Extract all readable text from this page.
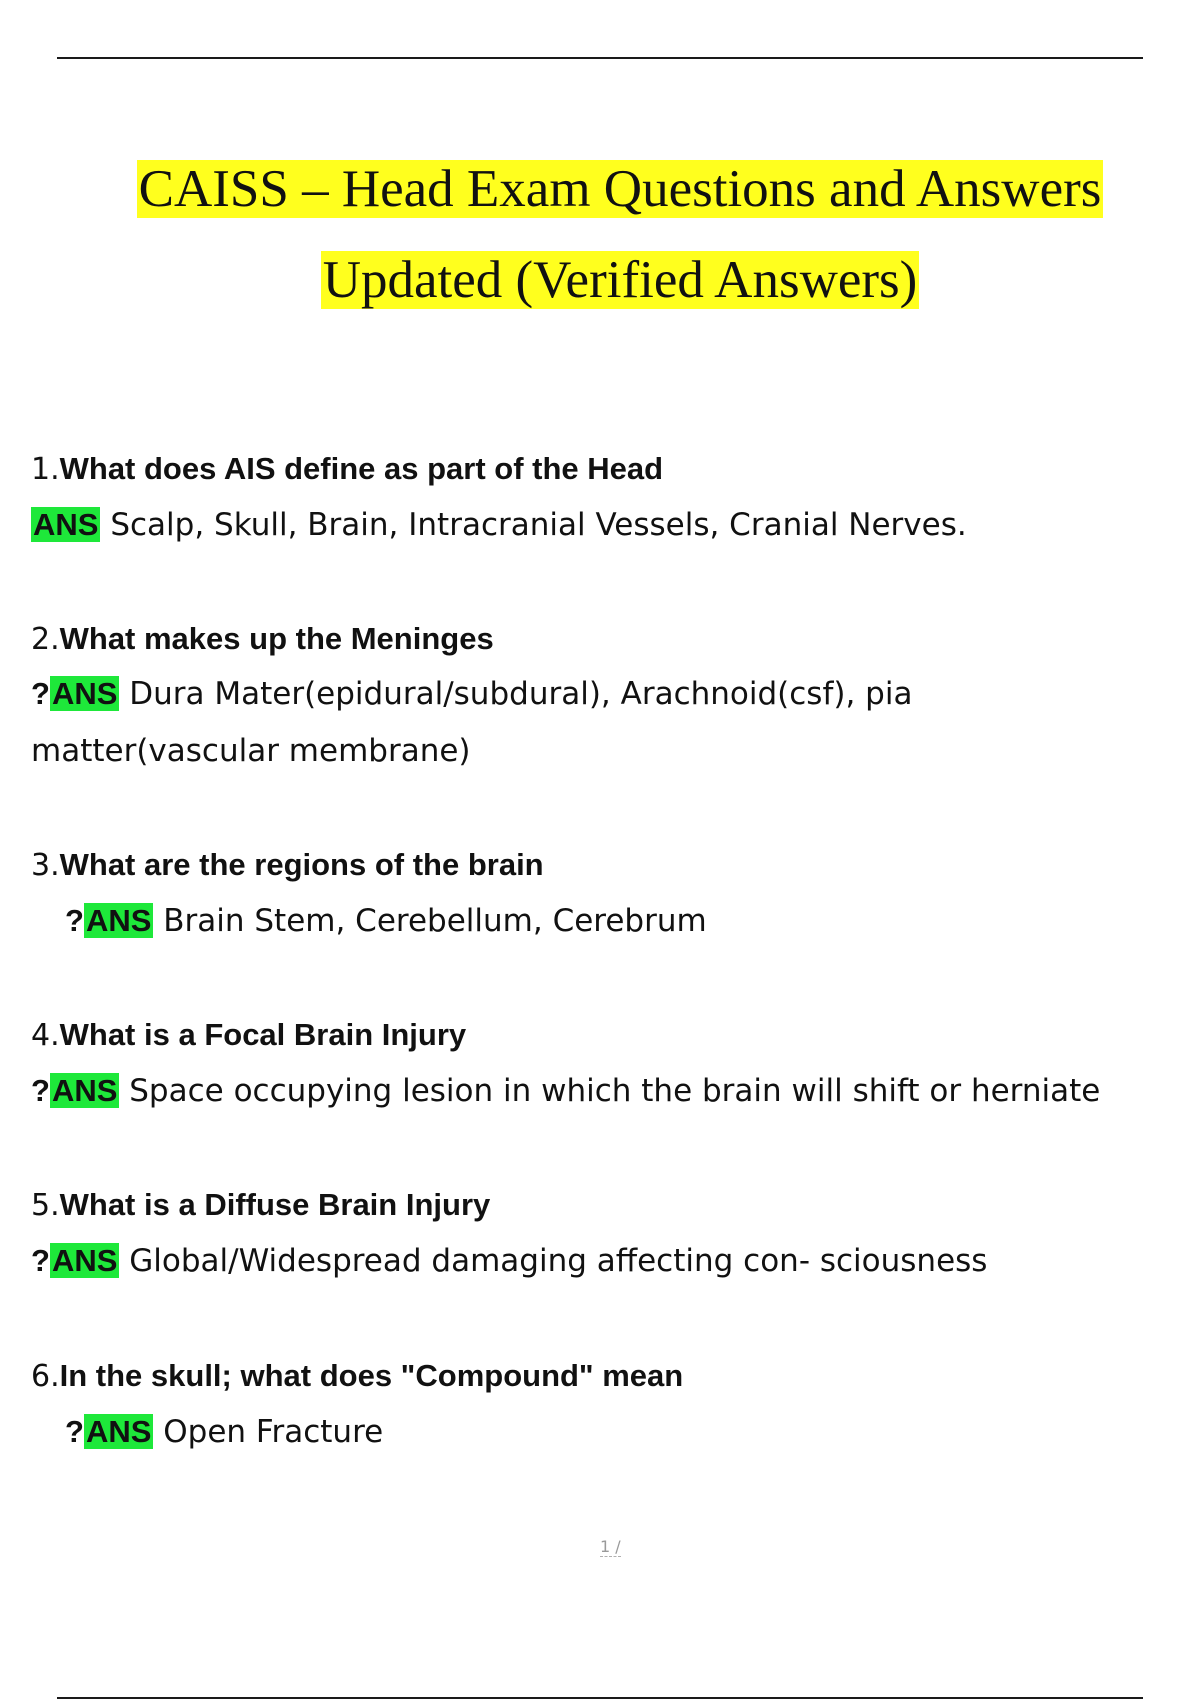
CAISS – Head Exam Questions and Answers
Updated (Verified Answers)
1.What does AIS define as part of the Head
ANS Scalp, Skull, Brain, Intracranial Vessels, Cranial Nerves.
2.What makes up the Meninges
?ANS Dura Mater(epidural/subdural), Arachnoid(csf), pia
matter(vascular membrane)
3.What are the regions of the brain
?ANS Brain Stem, Cerebellum, Cerebrum
4.What is a Focal Brain Injury
?ANS Space occupying lesion in which the brain will shift or herniate
5.What is a Diffuse Brain Injury
?ANS Global/Widespread damaging affecting con- sciousness
6.In the skull; what does "Compound" mean
?ANS Open Fracture
1 /
